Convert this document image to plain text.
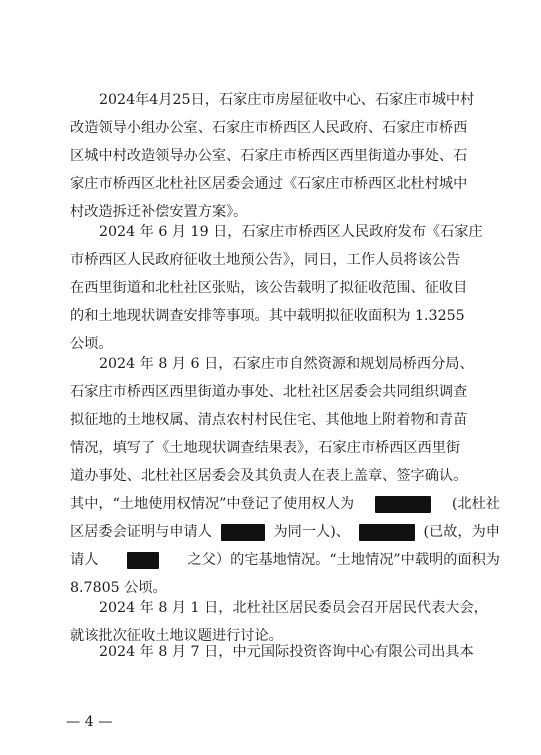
2024年4月25日，石家庄市房屋征收中心、石家庄市城中村
改造领导小组办公室、石家庄市桥西区人民政府、石家庄市桥西
区城中村改造领导办公室、石家庄市桥西区西里街道办事处、石
家庄市桥西区北杜社区居委会通过《石家庄市桥西区北杜村城中
村改造拆迁补偿安置方案》。
2024 年 6 月 19 日，石家庄市桥西区人民政府发布《石家庄
市桥西区人民政府征收土地预公告》，同日，工作人员将该公告
在西里街道和北杜社区张贴，该公告载明了拟征收范围、征收目
的和土地现状调查安排等事项。其中载明拟征收面积为 1.3255
公顷。
2024 年 8 月 6 日，石家庄市自然资源和规划局桥西分局、
石家庄市桥西区西里街道办事处、北杜社区居委会共同组织调查
拟征地的土地权属、清点农村村民住宅、其他地上附着物和青苗
情况，填写了《土地现状调查结果表》，石家庄市桥西区西里街
道办事处、北杜社区居委会及其负责人在表上盖章、签字确认。
其中，“土地使用权情况”中登记了使用权人为	(北杜社
区居委会证明与申请人	为同一人)、	(已故，为申
请人	之父）的宅基地情况。“土地情况”中载明的面积为
8.7805 公顷。
2024 年 8 月 1 日，北杜社区居民委员会召开居民代表大会，
就该批次征收土地议题进行讨论。
2024 年 8 月 7 日，中元国际投资咨询中心有限公司出具本
— 4 —
